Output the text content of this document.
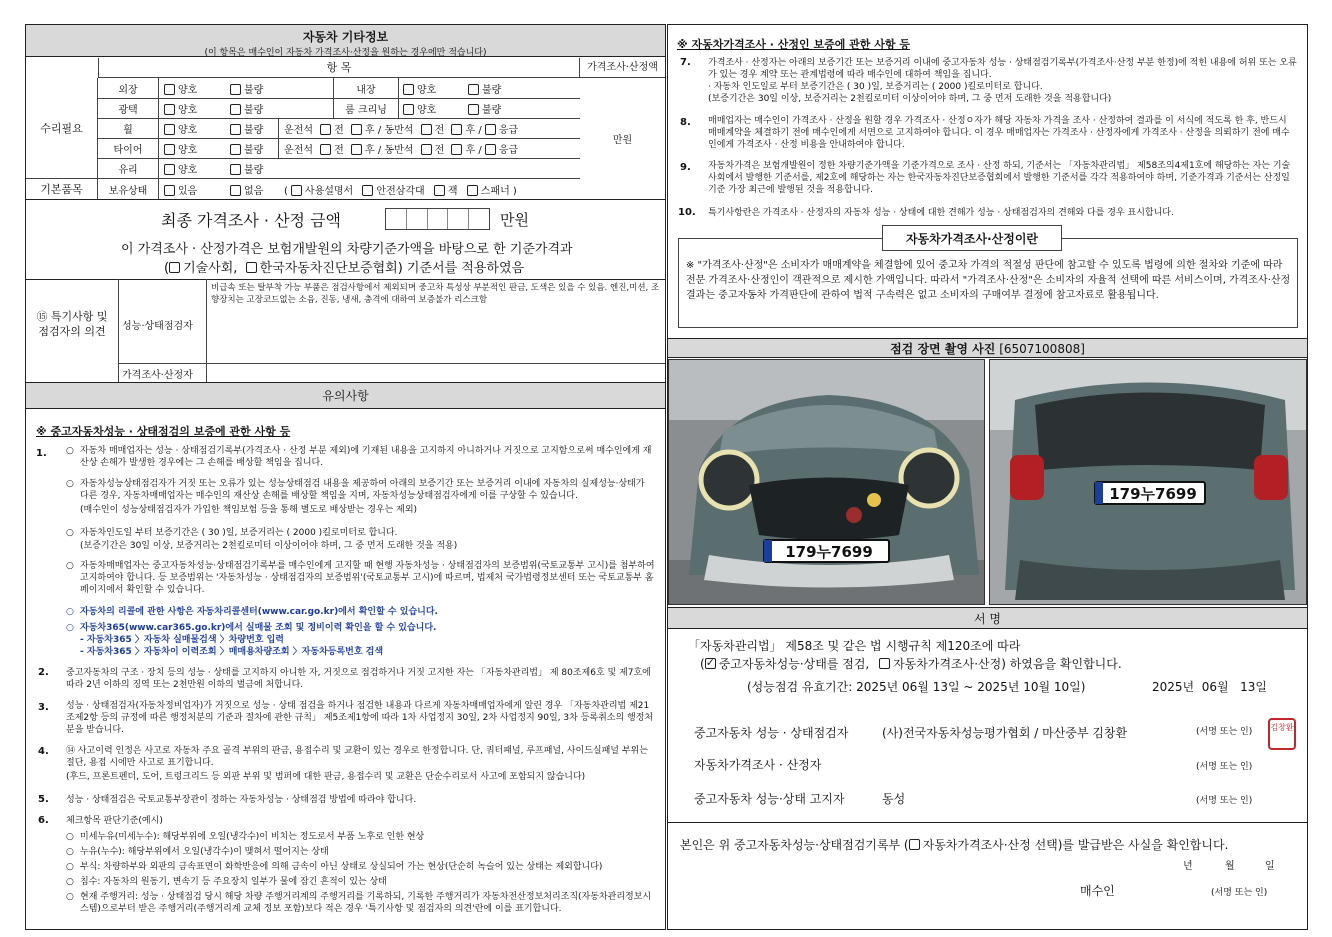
자동차 기타정보
(이 항목은 매수인이 자동차 가격조사·산정을 원하는 경우에만 적습니다)
항 목	가격조사·산정액
수리필요
기본품목
만원
외장	양호	불량	내장	양호	불량
광택	양호	불량	룸 크리닝	양호	불량
휠	양호	불량 운전석 전 후 / 동반석 전 후 / 응급
타이어	양호	불량 운전석 전 후 / 동반석 전 후 / 응급
유리	양호	불량
보유상태	있음	없음 ( 사용설명서 안전삼각대 잭 스패너 )
최종 가격조사 · 산정 금액	만원
이 가격조사 · 산정가격은 보험개발원의 차량기준가액을 바탕으로 한 기준가격과
( 기술사회, 한국자동차진단보증협회) 기준서를 적용하였음
⑮ 특기사항 및
점검자의 의견	성능·상태점검자
비급속 또는 탈부착 가능 부품은 점검사항에서 제외되며 중고차 특성상 부분적인 판금, 도색은 있을 수 있음. 엔진,미션, 조향장치는 고장코드없는 소음, 진동, 냉새, 충격에 대하여 보증불가 리스크함
가격조사·산정자
유의사항
※ 중고자동차성능 · 상태점검의 보증에 관한 사항 등
1. ○ 자동차 매매업자는 성능 · 상태점검기록부(가격조사 · 산정 부분 제외)에 기재된 내용을 고지하지 아니하거나 거짓으로 고지함으로써 매수인에게 재산상 손해가 발생한 경우에는 그 손해를 배상할 책임을 집니다.
○ 자동차성능상태점검자가 거짓 또는 오류가 있는 성능상태점검 내용을 제공하여 아래의 보증기간 또는 보증거리 이내에 자동차의 실제성능·상태가 다른 경우, 자동차매매업자는 매수인의 재산상 손해를 배상할 책임을 지며, 자동차성능상태점검자에게 이를 구상할 수 있습니다.
(매수인이 성능상태점검자가 가입한 책임보험 등을 통해 별도로 배상받는 경우는 제외)
○ 자동차인도일 부터 보증기간은 ( 30 )일, 보증거리는 ( 2000 )킬로미터로 합니다.
(보증기간은 30일 이상, 보증거리는 2천킬로미터 이상이어야 하며, 그 중 먼저 도래한 것을 적용)
○ 자동차매매업자는 중고자동차성능·상태점검기록부를 매수인에게 고지할 때 현행 자동차성능 · 상태점검자의 보증범위(국토교통부 고시)를 첨부하여 고지하여야 합니다. 등 보증범위는 '자동차성능 · 상태점검자의 보증범위'(국토교통부 고시)에 따르며, 법제처 국가법령정보센터 또는 국토교통부 홈페이지에서 확인할 수 있습니다.
○ 자동차의 리콜에 관한 사항은 자동차리콜센터(www.car.go.kr)에서 확인할 수 있습니다.
○ 자동차365(www.car365.go.kr)에서 실매물 조회 및 정비이력 확인을 할 수 있습니다.
- 자동차365 〉자동차 실매물검색 〉차량번호 입력
- 자동차365 〉자동차이 이력조회 〉매매용차량조회 〉자동차등록번호 검색
2. 중고자동차의 구조 · 장치 등의 성능 · 상태를 고지하지 아니한 자, 거짓으로 점검하거나 거짓 고지한 자는 「자동차관리법」 제 80조제6호 및 제7호에 따라 2년 이하의 징역 또는 2천만원 이하의 벌금에 처합니다.
3. 성능 · 상태점검자(자동차정비업자)가 거짓으로 성능 · 상태 점검을 하거나 점검한 내용과 다르게 자동차매매업자에게 알린 경우 「자동차관리법 제21조제2항 등의 규정에 따른 행정처분의 기준과 절차에 관한 규칙」 제5조제1항에 따라 1차 사업정지 30일, 2차 사업정지 90일, 3차 등록취소의 행정처분을 받습니다.
4. ⑭ 사고이력 인정은 사고로 자동차 주요 골격 부위의 판금, 용접수리 및 교환이 있는 경우로 한정합니다. 단, 쿼터패널, 루프패널, 사이드실패널 부위는 절단, 용접 시에만 사고로 표기합니다.
(후드, 프론트펜더, 도어, 트렁크리드 등 외판 부위 및 범퍼에 대한 판금, 용접수리 및 교환은 단순수리로서 사고에 포함되지 않습니다)
5. 성능 · 상태점검은 국토교통부장관이 정하는 자동차성능 · 상태점검 방법에 따라야 합니다.
6. 체크항목 판단기준(예시)
○ 미세누유(미세누수): 해당부위에 오일(냉각수)이 비치는 정도로서 부품 노후로 인한 현상
○ 누유(누수): 해당부위에서 오일(냉각수)이 맺혀서 떨어지는 상태
○ 부식: 차량하부와 외판의 금속표면이 화학반응에 의해 금속이 아닌 상태로 상실되어 가는 현상(단순히 녹슬어 있는 상태는 제외합니다)
○ 침수: 자동차의 원동기, 변속기 등 주요장치 일부가 물에 잠긴 흔적이 있는 상태
○ 현재 주행거리: 성능 · 상태점검 당시 해당 차량 주행거리계의 주행거리를 기록하되, 기록한 주행거리가 자동차전산정보처리조직(자동차관리정보시스템)으로부터 받은 주행거리(주행거리계 교체 정보 포함)보다 적은 경우 '특기사항 및 점검자의 의견'란에 이를 표기합니다.
※ 자동차가격조사 · 산정인 보증에 관한 사항 등
7. 가격조사 · 산정자는 아래의 보증기간 또는 보증거리 이내에 중고자동차 성능 · 상태점검기록부(가격조사·산정 부분 한정)에 적힌 내용에 허위 또는 오류가 있는 경우 계약 또는 관계법령에 따라 매수인에 대하여 책임을 집니다.
· 자동차 인도일로 부터 보증기간은 ( 30 )일, 보증거리는 ( 2000 )킬로미터로 합니다.
(보증기간은 30일 이상, 보증거리는 2천킬로미터 이상이어야 하며, 그 중 먼저 도래한 것을 적용합니다)
8. 매매업자는 매수인이 가격조사 · 산정을 원할 경우 가격조사 · 산정ㅇ자가 해당 자동차 가격을 조사 · 산정하여 결과를 이 서식에 적도록 한 후, 반드시 매매계약을 체결하기 전에 매수인에게 서면으로 고지하여야 합니다. 이 경우 매매업자는 가격조사 · 산정자에게 가격조사 · 산정을 의뢰하기 전에 매수인에게 가격조사 · 산정 비용을 안내하여야 합니다.
9. 자동차가격은 보험개발원이 정한 차량기준가액을 기준가격으로 조사 · 산정 하되, 기준서는 「자동차관리법」 제58조의4제1호에 해당하는 자는 기술사회에서 발행한 기준서를, 제2호에 해당하는 자는 한국자동차진단보증협회에서 발행한 기준서를 각각 적용하여야 하며, 기준가격과 기준서는 산정일 기준 가장 최근에 발행된 것을 적용합니다.
10. 특기사항란은 가격조사 · 산정자의 자동차 성능 · 상태에 대한 견해가 성능 · 상태점검자의 견해와 다를 경우 표시합니다.
자동차가격조사·산정이란
※ "가격조사·산정"은 소비자가 매매계약을 체결함에 있어 중고차 가격의 적절성 판단에 참고할 수 있도록 법령에 의한 절차와 기준에 따라 전문 가격조사·산정인이 객관적으로 제시한 가액입니다. 따라서 "가격조사·산정"은 소비자의 자율적 선택에 따른 서비스이며, 가격조사·산정 결과는 중고자동차 가격판단에 관하여 법적 구속력은 없고 소비자의 구매여부 결정에 참고자료로 활용됩니다.
점검 장면 촬영 사진 [6507100808]
179누7699
179누7699
서 명
「자동차관리법」 제58조 및 같은 법 시행규칙 제120조에 따라
(✓ 중고자동차성능·상태를 점검, 자동차가격조사·산정) 하였음을 확인합니다.
(성능점검 유효기간: 2025년 06월 13일 ~ 2025년 10월 10일)	2025년 06월 13일
중고자동차 성능 · 상태점검자	(사)전국자동차성능평가협회 / 마산중부 김창환	(서명 또는 인)	김창환
자동차가격조사 · 산정자	(서명 또는 인)
중고자동차 성능·상태 고지자	동성	(서명 또는 인)
본인은 위 중고자동차성능·상태점검기록부 ( 자동차가격조사·산정 선택)를 발급받은 사실을 확인합니다.
년	월	일
매수인	(서명 또는 인)
